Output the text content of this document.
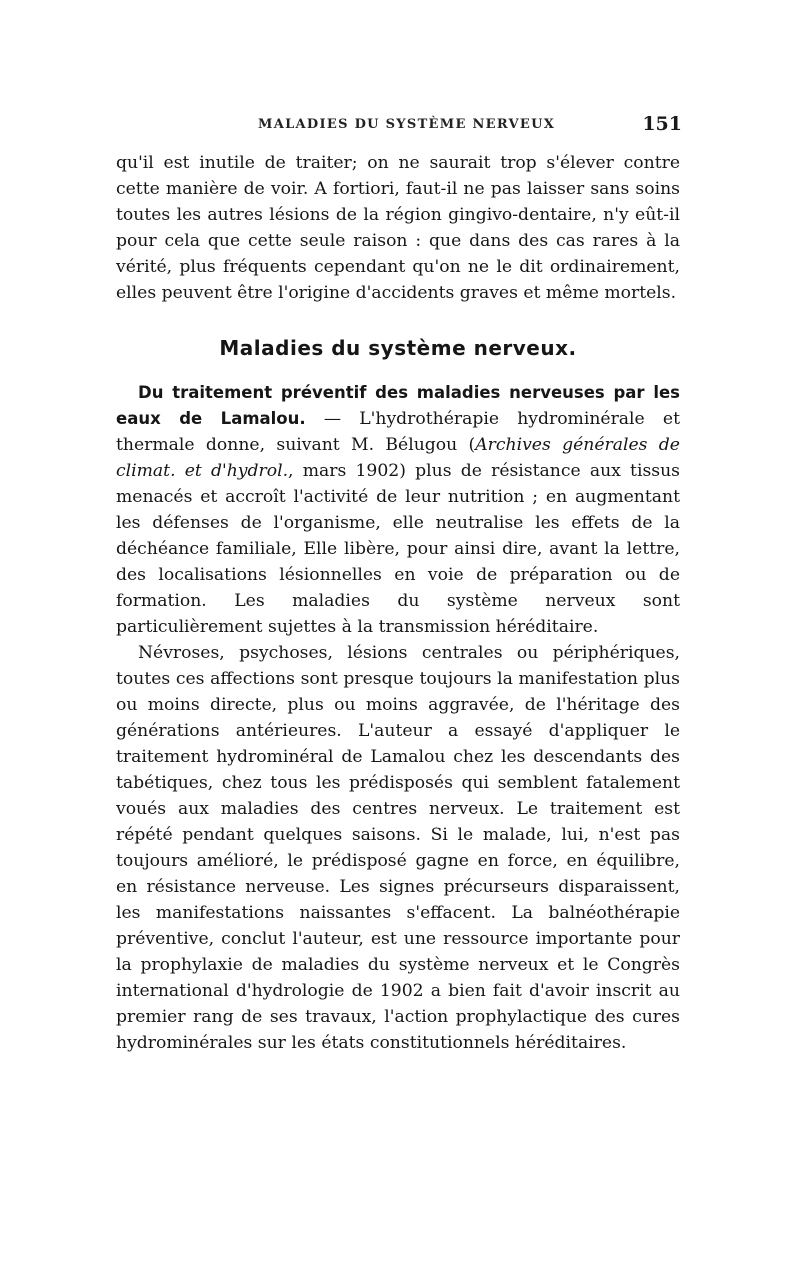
MALADIES DU SYSTÈME NERVEUX	151

qu'il est inutile de traiter; on ne saurait trop s'élever contre cette manière de voir. A fortiori, faut-il ne pas laisser sans soins toutes les autres lésions de la région gingivo-dentaire, n'y eût-il pour cela que cette seule raison : que dans des cas rares à la vérité, plus fréquents cependant qu'on ne le dit ordinairement, elles peuvent être l'origine d'accidents graves et même mortels.

Maladies du système nerveux.

Du traitement préventif des maladies nerveuses par les eaux de Lamalou. — L'hydrothérapie hydrominérale et thermale donne, suivant M. Bélugou (Archives générales de climat. et d'hydrol., mars 1902) plus de résistance aux tissus menacés et accroît l'activité de leur nutrition ; en augmentant les défenses de l'organisme, elle neutralise les effets de la déchéance familiale, Elle libère, pour ainsi dire, avant la lettre, des localisations lésionnelles en voie de préparation ou de formation. Les maladies du système nerveux sont particulièrement sujettes à la transmission héréditaire.

Névroses, psychoses, lésions centrales ou périphériques, toutes ces affections sont presque toujours la manifestation plus ou moins directe, plus ou moins aggravée, de l'héritage des générations antérieures. L'auteur a essayé d'appliquer le traitement hydrominéral de Lamalou chez les descendants des tabétiques, chez tous les prédisposés qui semblent fatalement voués aux maladies des centres nerveux. Le traitement est répété pendant quelques saisons. Si le malade, lui, n'est pas toujours amélioré, le prédisposé gagne en force, en équilibre, en résistance nerveuse. Les signes précurseurs disparaissent, les manifestations naissantes s'effacent. La balnéothérapie préventive, conclut l'auteur, est une ressource importante pour la prophylaxie de maladies du système nerveux et le Congrès international d'hydrologie de 1902 a bien fait d'avoir inscrit au premier rang de ses travaux, l'action prophylactique des cures hydrominérales sur les états constitutionnels héréditaires.
